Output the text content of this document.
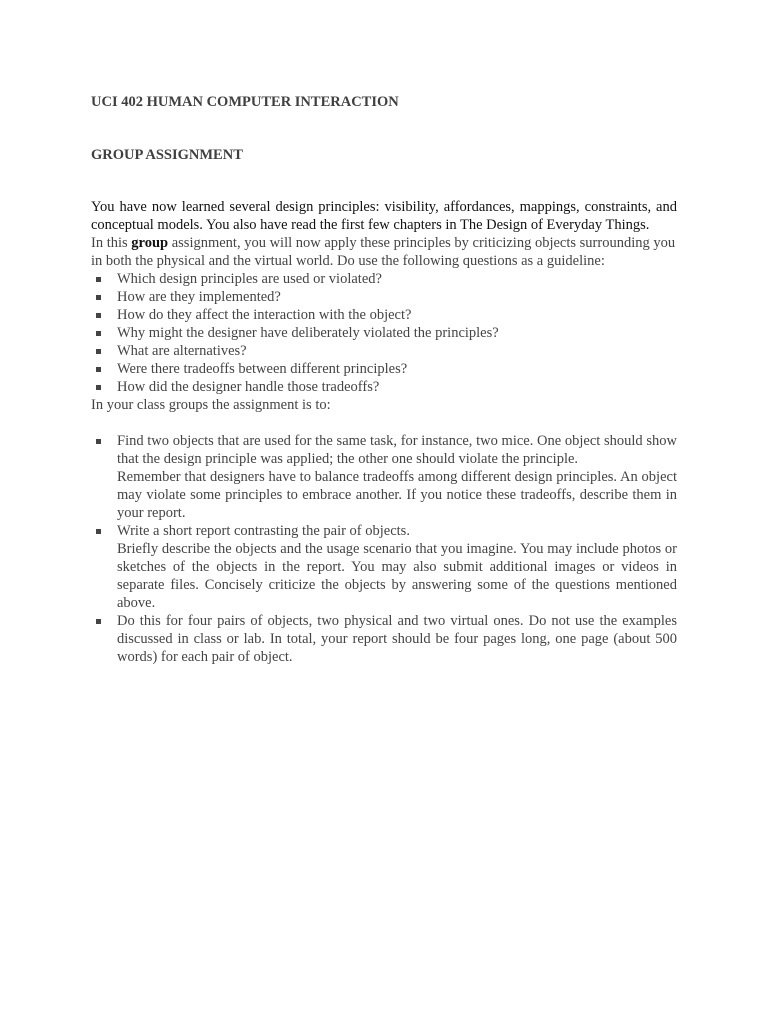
UCI 402 HUMAN COMPUTER INTERACTION
GROUP ASSIGNMENT

You have now learned several design principles: visibility, affordances, mappings, constraints, and conceptual models. You also have read the first few chapters in The Design of Everyday Things.

In this group assignment, you will now apply these principles by criticizing objects surrounding you in both the physical and the virtual world. Do use the following questions as a guideline:

Which design principles are used or violated?
How are they implemented?
How do they affect the interaction with the object?
Why might the designer have deliberately violated the principles?
What are alternatives?
Were there tradeoffs between different principles?
How did the designer handle those tradeoffs?

In your class groups the assignment is to:

Find two objects that are used for the same task, for instance, two mice. One object should show that the design principle was applied; the other one should violate the principle.
Remember that designers have to balance tradeoffs among different design principles. An object may violate some principles to embrace another. If you notice these tradeoffs, describe them in your report.
Write a short report contrasting the pair of objects.
Briefly describe the objects and the usage scenario that you imagine. You may include photos or sketches of the objects in the report. You may also submit additional images or videos in separate files. Concisely criticize the objects by answering some of the questions mentioned above.
Do this for four pairs of objects, two physical and two virtual ones. Do not use the examples discussed in class or lab. In total, your report should be four pages long, one page (about 500 words) for each pair of object.
